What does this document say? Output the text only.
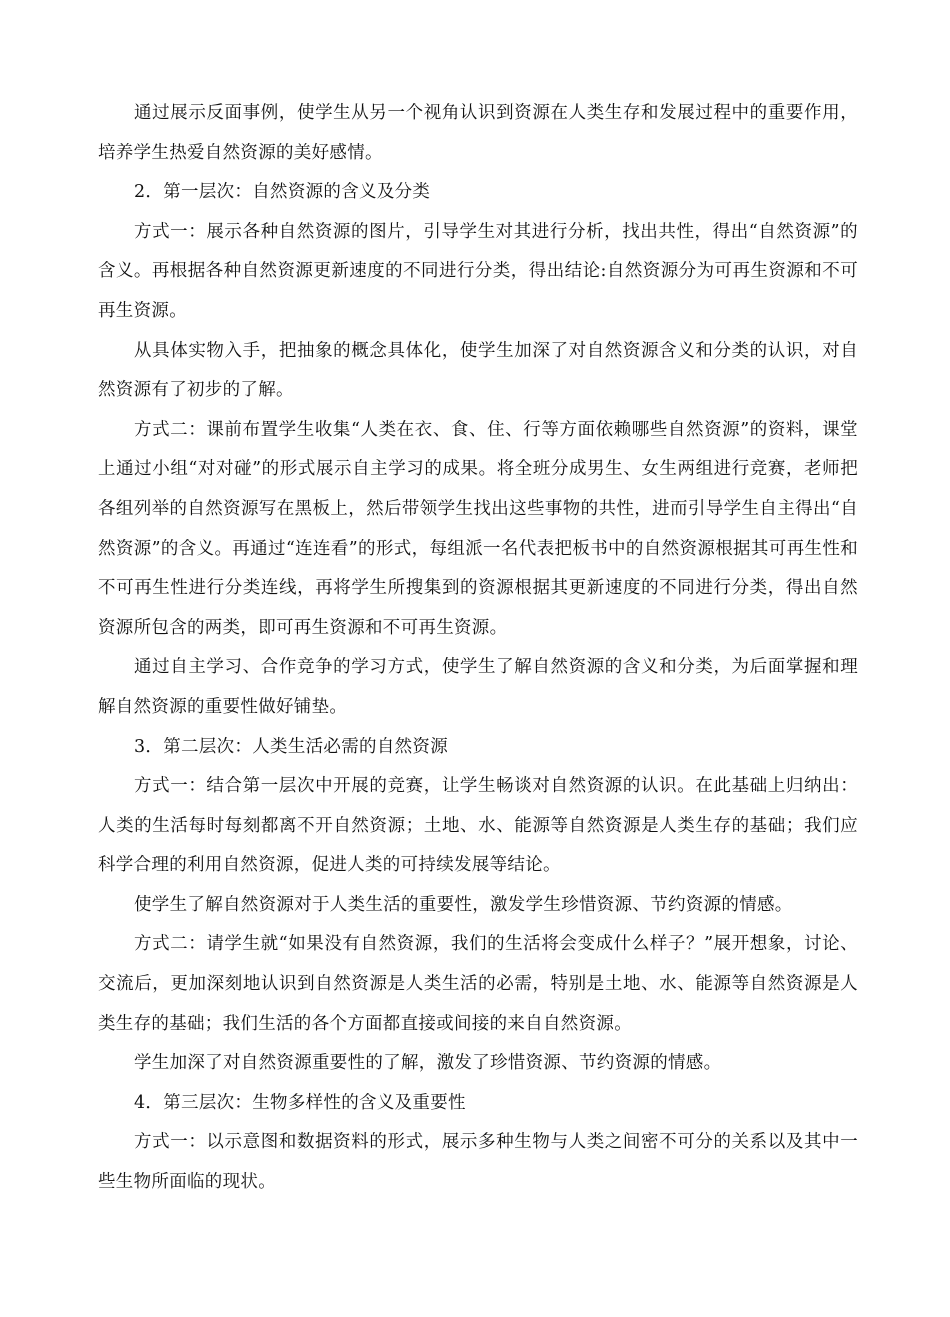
通过展示反面事例，使学生从另一个视角认识到资源在人类生存和发展过程中的重要作用，培养学生热爱自然资源的美好感情。

2．第一层次：自然资源的含义及分类

方式一：展示各种自然资源的图片，引导学生对其进行分析，找出共性，得出“自然资源”的含义。再根据各种自然资源更新速度的不同进行分类，得出结论:自然资源分为可再生资源和不可再生资源。

从具体实物入手，把抽象的概念具体化，使学生加深了对自然资源含义和分类的认识，对自然资源有了初步的了解。

方式二：课前布置学生收集“人类在衣、食、住、行等方面依赖哪些自然资源”的资料，课堂上通过小组“对对碰”的形式展示自主学习的成果。将全班分成男生、女生两组进行竞赛，老师把各组列举的自然资源写在黑板上，然后带领学生找出这些事物的共性，进而引导学生自主得出“自然资源”的含义。再通过“连连看”的形式，每组派一名代表把板书中的自然资源根据其可再生性和不可再生性进行分类连线，再将学生所搜集到的资源根据其更新速度的不同进行分类，得出自然资源所包含的两类，即可再生资源和不可再生资源。

通过自主学习、合作竞争的学习方式，使学生了解自然资源的含义和分类，为后面掌握和理解自然资源的重要性做好铺垫。

3．第二层次：人类生活必需的自然资源

方式一：结合第一层次中开展的竞赛，让学生畅谈对自然资源的认识。在此基础上归纳出：人类的生活每时每刻都离不开自然资源；土地、水、能源等自然资源是人类生存的基础；我们应科学合理的利用自然资源，促进人类的可持续发展等结论。

使学生了解自然资源对于人类生活的重要性，激发学生珍惜资源、节约资源的情感。

方式二：请学生就“如果没有自然资源，我们的生活将会变成什么样子？”展开想象，讨论、交流后，更加深刻地认识到自然资源是人类生活的必需，特别是土地、水、能源等自然资源是人类生存的基础；我们生活的各个方面都直接或间接的来自自然资源。

学生加深了对自然资源重要性的了解，激发了珍惜资源、节约资源的情感。

4．第三层次：生物多样性的含义及重要性

方式一：以示意图和数据资料的形式，展示多种生物与人类之间密不可分的关系以及其中一些生物所面临的现状。
